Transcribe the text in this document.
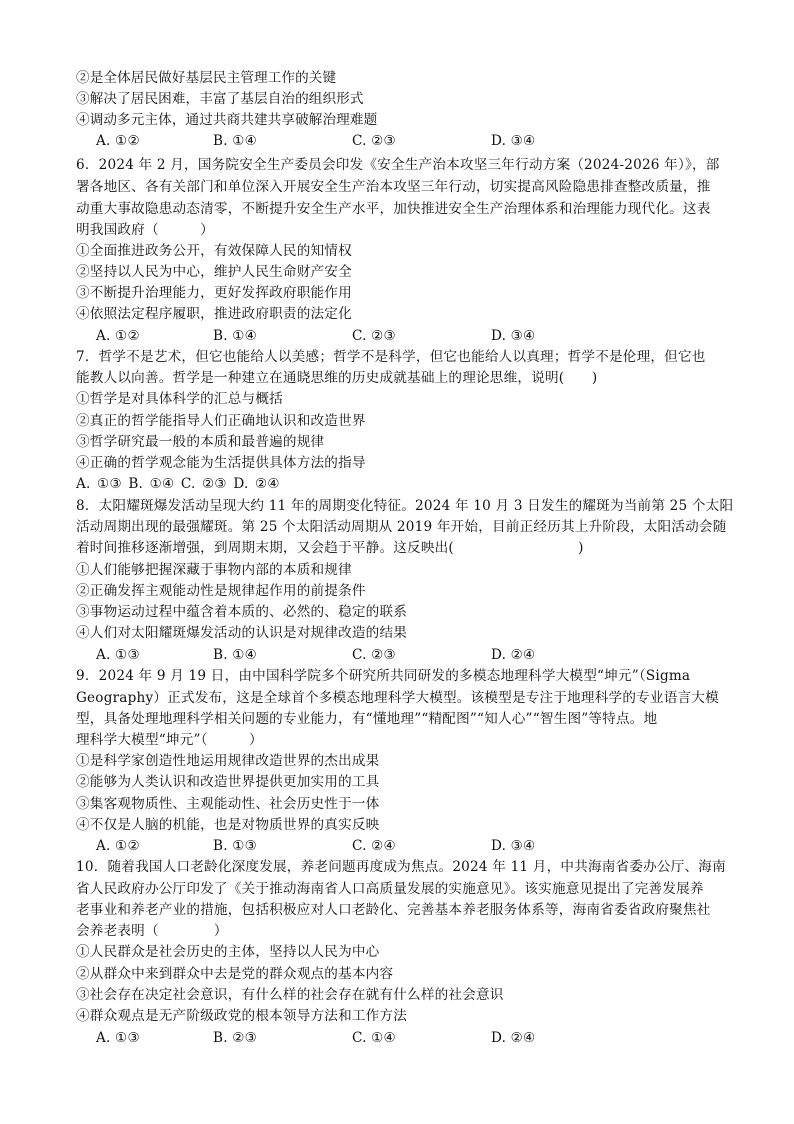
②是全体居民做好基层民主管理工作的关键
③解决了居民困难，丰富了基层自治的组织形式
④调动多元主体，通过共商共建共享破解治理难题
A. ①②	B. ①④	C. ②③	D. ③④
6．2024 年 2 月，国务院安全生产委员会印发《安全生产治本攻坚三年行动方案（2024-2026 年）》，部
署各地区、各有关部门和单位深入开展安全生产治本攻坚三年行动，切实提高风险隐患排查整改质量，推
动重大事故隐患动态清零，不断提升安全生产水平，加快推进安全生产治理体系和治理能力现代化。这表
明我国政府（　　　）
①全面推进政务公开，有效保障人民的知情权
②坚持以人民为中心，维护人民生命财产安全
③不断提升治理能力，更好发挥政府职能作用
④依照法定程序履职，推进政府职责的法定化
A. ①②	B. ①④	C. ②③	D. ③④
7．哲学不是艺术，但它也能给人以美感；哲学不是科学，但它也能给人以真理；哲学不是伦理，但它也
能教人以向善。哲学是一种建立在通晓思维的历史成就基础上的理论思维，说明(　　)
①哲学是对具体科学的汇总与概括
②真正的哲学能指导人们正确地认识和改造世界
③哲学研究最一般的本质和最普遍的规律
④正确的哲学观念能为生活提供具体方法的指导
A. ①③ B. ①④ C. ②③ D. ②④
8．太阳耀斑爆发活动呈现大约 11 年的周期变化特征。2024 年 10 月 3 日发生的耀斑为当前第 25 个太阳
活动周期出现的最强耀斑。第 25 个太阳活动周期从 2019 年开始，目前正经历其上升阶段，太阳活动会随
着时间推移逐渐增强，到周期末期，又会趋于平静。这反映出(　　　　　　　　　)
①人们能够把握深藏于事物内部的本质和规律
②正确发挥主观能动性是规律起作用的前提条件
③事物运动过程中蕴含着本质的、必然的、稳定的联系
④人们对太阳耀斑爆发活动的认识是对规律改造的结果
A. ①③	B. ①④	C. ②③	D. ②④
9．2024 年 9 月 19 日，由中国科学院多个研究所共同研发的多模态地理科学大模型“坤元”（Sigma
Geography）正式发布，这是全球首个多模态地理科学大模型。该模型是专注于地理科学的专业语言大模
型，具备处理地理科学相关问题的专业能力，有“懂地理”“精配图”“知人心”“智生图”等特点。地
理科学大模型“坤元”（　　　）
①是科学家创造性地运用规律改造世界的杰出成果
②能够为人类认识和改造世界提供更加实用的工具
③集客观物质性、主观能动性、社会历史性于一体
④不仅是人脑的机能，也是对物质世界的真实反映
A. ①②	B. ①③	C. ②④	D. ③④
10．随着我国人口老龄化深度发展，养老问题再度成为焦点。2024 年 11 月，中共海南省委办公厅、海南
省人民政府办公厅印发了《关于推动海南省人口高质量发展的实施意见》。该实施意见提出了完善发展养
老事业和养老产业的措施，包括积极应对人口老龄化、完善基本养老服务体系等，海南省委省政府聚焦社
会养老表明（　　　　）
①人民群众是社会历史的主体，坚持以人民为中心
②从群众中来到群众中去是党的群众观点的基本内容
③社会存在决定社会意识，有什么样的社会存在就有什么样的社会意识
④群众观点是无产阶级政党的根本领导方法和工作方法
A. ①③	B. ②③	C. ①④	D. ②④
